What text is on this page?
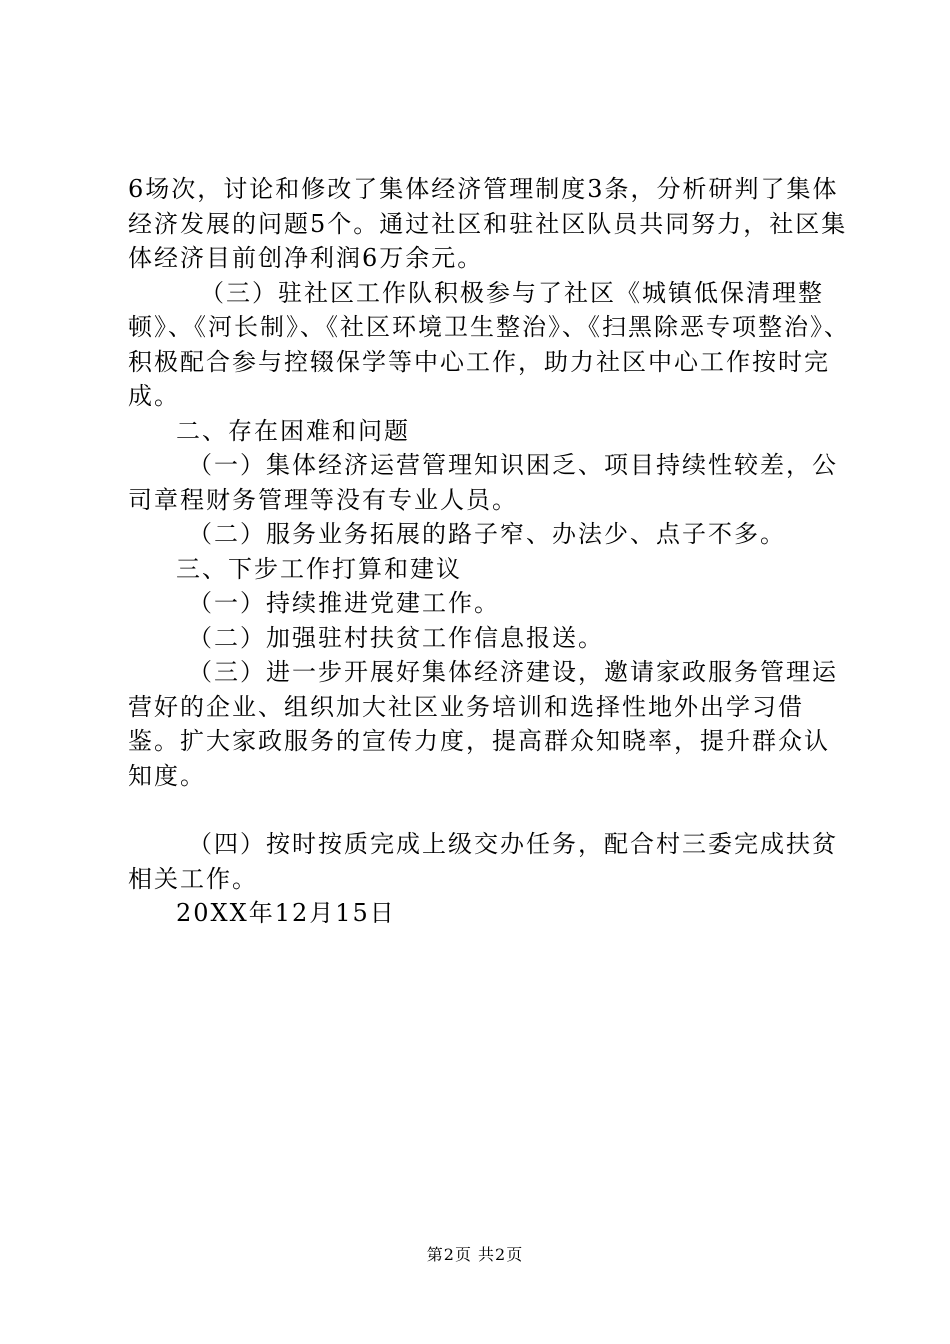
6场次，讨论和修改了集体经济管理制度3条，分析研判了集体经济发展的问题5个。通过社区和驻社区队员共同努力，社区集体经济目前创净利润6万余元。

（三）驻社区工作队积极参与了社区《城镇低保清理整顿》、《河长制》、《社区环境卫生整治》、《扫黑除恶专项整治》、积极配合参与控辍保学等中心工作，助力社区中心工作按时完成。

二、存在困难和问题

（一）集体经济运营管理知识困乏、项目持续性较差，公司章程财务管理等没有专业人员。

（二）服务业务拓展的路子窄、办法少、点子不多。

三、下步工作打算和建议

（一）持续推进党建工作。

（二）加强驻村扶贫工作信息报送。

（三）进一步开展好集体经济建设，邀请家政服务管理运营好的企业、组织加大社区业务培训和选择性地外出学习借鉴。扩大家政服务的宣传力度，提高群众知晓率，提升群众认知度。

（四）按时按质完成上级交办任务，配合村三委完成扶贫相关工作。

20XX年12月15日

第2页 共2页
